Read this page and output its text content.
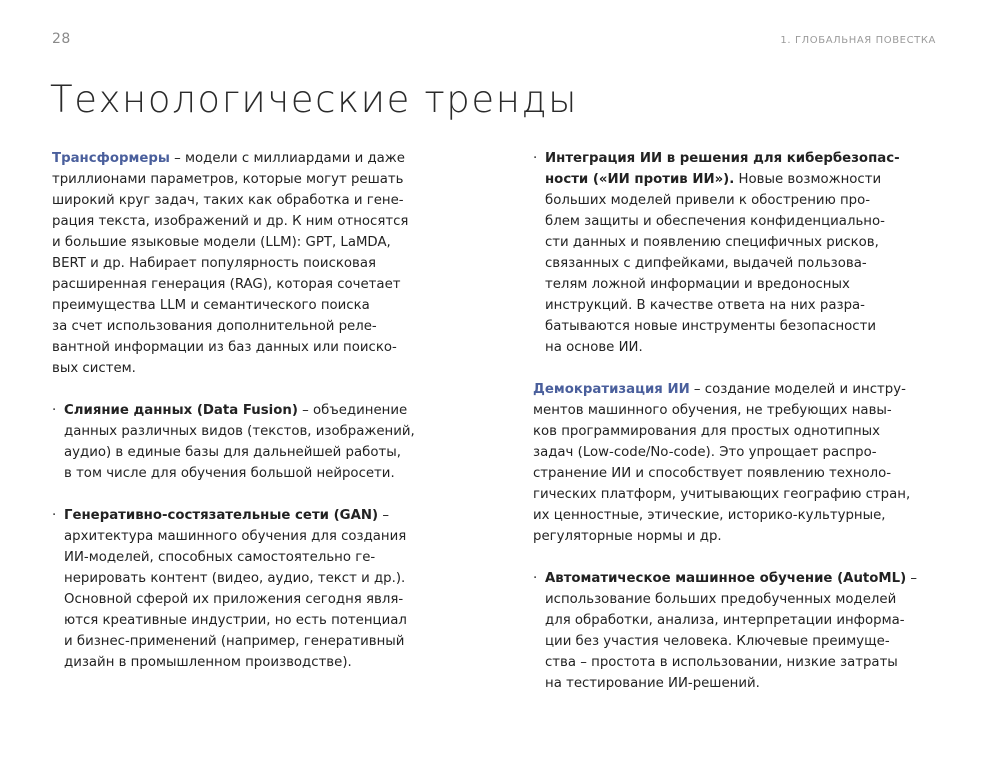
28	1. ГЛОБАЛЬНАЯ ПОВЕСТКА
Технологические тренды
Трансформеры – модели с миллиардами и даже
триллионами параметров, которые могут решать
широкий круг задач, таких как обработка и гене-
рация текста, изображений и др. К ним относятся
и большие языковые модели (LLM): GPT, LaMDA,
BERT и др. Набирает популярность поисковая
расширенная генерация (RAG), которая сочетает
преимущества LLM и семантического поиска
за счет использования дополнительной реле-
вантной информации из баз данных или поиско-
вых систем.
· Слияние данных (Data Fusion) – объединение
данных различных видов (текстов, изображений,
аудио) в единые базы для дальнейшей работы,
в том числе для обучения большой нейросети.
· Генеративно-состязательные сети (GAN) –
архитектура машинного обучения для создания
ИИ-моделей, способных самостоятельно ге-
нерировать контент (видео, аудио, текст и др.).
Основной сферой их приложения сегодня явля-
ются креативные индустрии, но есть потенциал
и бизнес-применений (например, генеративный
дизайн в промышленном производстве).
· Интеграция ИИ в решения для кибербезопас-
ности («ИИ против ИИ»). Новые возможности
больших моделей привели к обострению про-
блем защиты и обеспечения конфиденциально-
сти данных и появлению специфичных рисков,
связанных с дипфейками, выдачей пользова-
телям ложной информации и вредоносных
инструкций. В качестве ответа на них разра-
батываются новые инструменты безопасности
на основе ИИ.
Демократизация ИИ – создание моделей и инстру-
ментов машинного обучения, не требующих навы-
ков программирования для простых однотипных
задач (Low-code/No-code). Это упрощает распро-
странение ИИ и способствует появлению техноло-
гических платформ, учитывающих географию стран,
их ценностные, этические, историко-культурные,
регуляторные нормы и др.
· Автоматическое машинное обучение (AutoML) –
использование больших предобученных моделей
для обработки, анализа, интерпретации информа-
ции без участия человека. Ключевые преимуще-
ства – простота в использовании, низкие затраты
на тестирование ИИ-решений.
